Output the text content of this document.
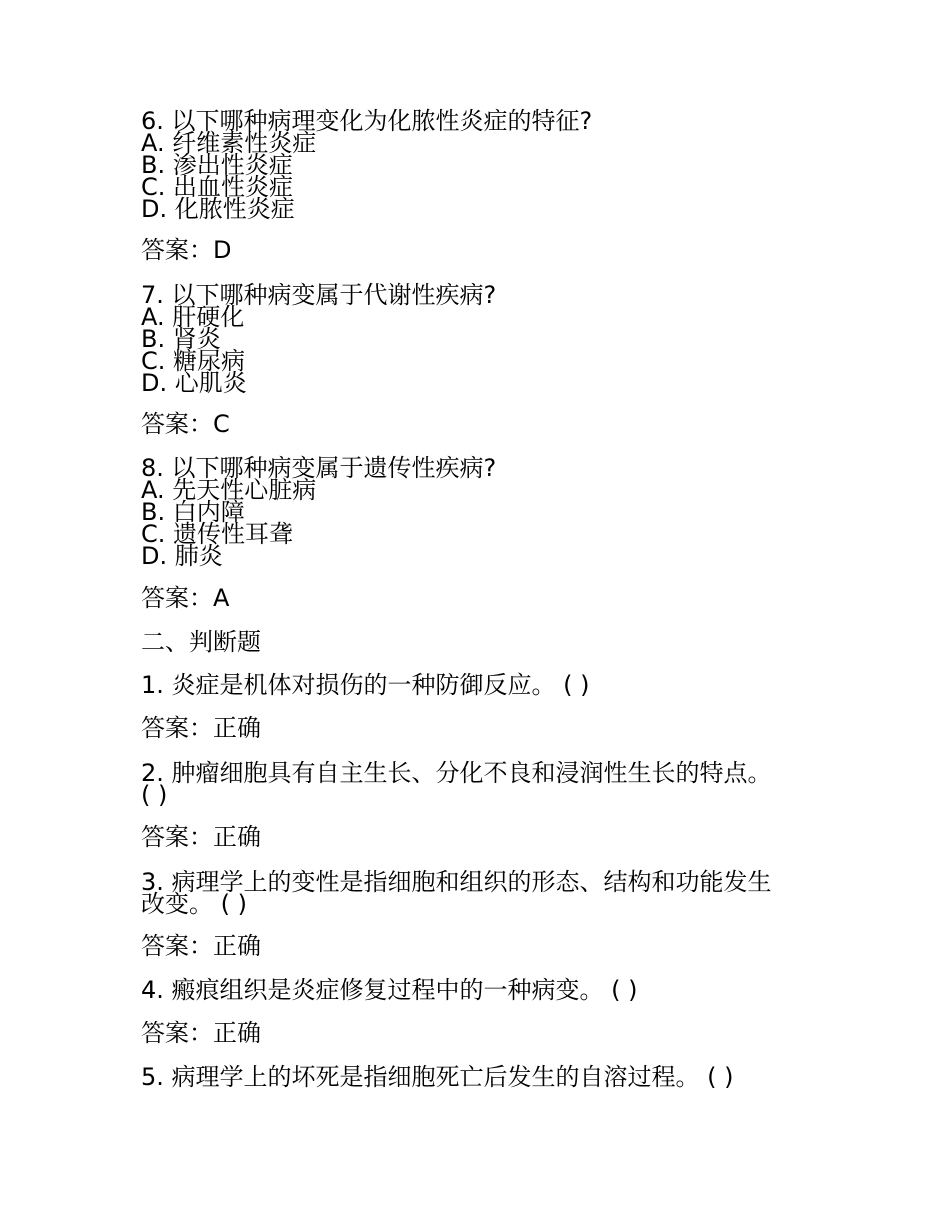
6. 以下哪种病理变化为化脓性炎症的特征?
A. 纤维素性炎症
B. 渗出性炎症
C. 出血性炎症
D. 化脓性炎症
答案：D
7. 以下哪种病变属于代谢性疾病?
A. 肝硬化
B. 肾炎
C. 糖尿病
D. 心肌炎
答案：C
8. 以下哪种病变属于遗传性疾病?
A. 先天性心脏病
B. 白内障
C. 遗传性耳聋
D. 肺炎
答案：A
二、判断题
1. 炎症是机体对损伤的一种防御反应。 ( )
答案：正确
2. 肿瘤细胞具有自主生长、分化不良和浸润性生长的特点。
( )
答案：正确
3. 病理学上的变性是指细胞和组织的形态、结构和功能发生
改变。 ( )
答案：正确
4. 瘢痕组织是炎症修复过程中的一种病变。 ( )
答案：正确
5. 病理学上的坏死是指细胞死亡后发生的自溶过程。 ( )
